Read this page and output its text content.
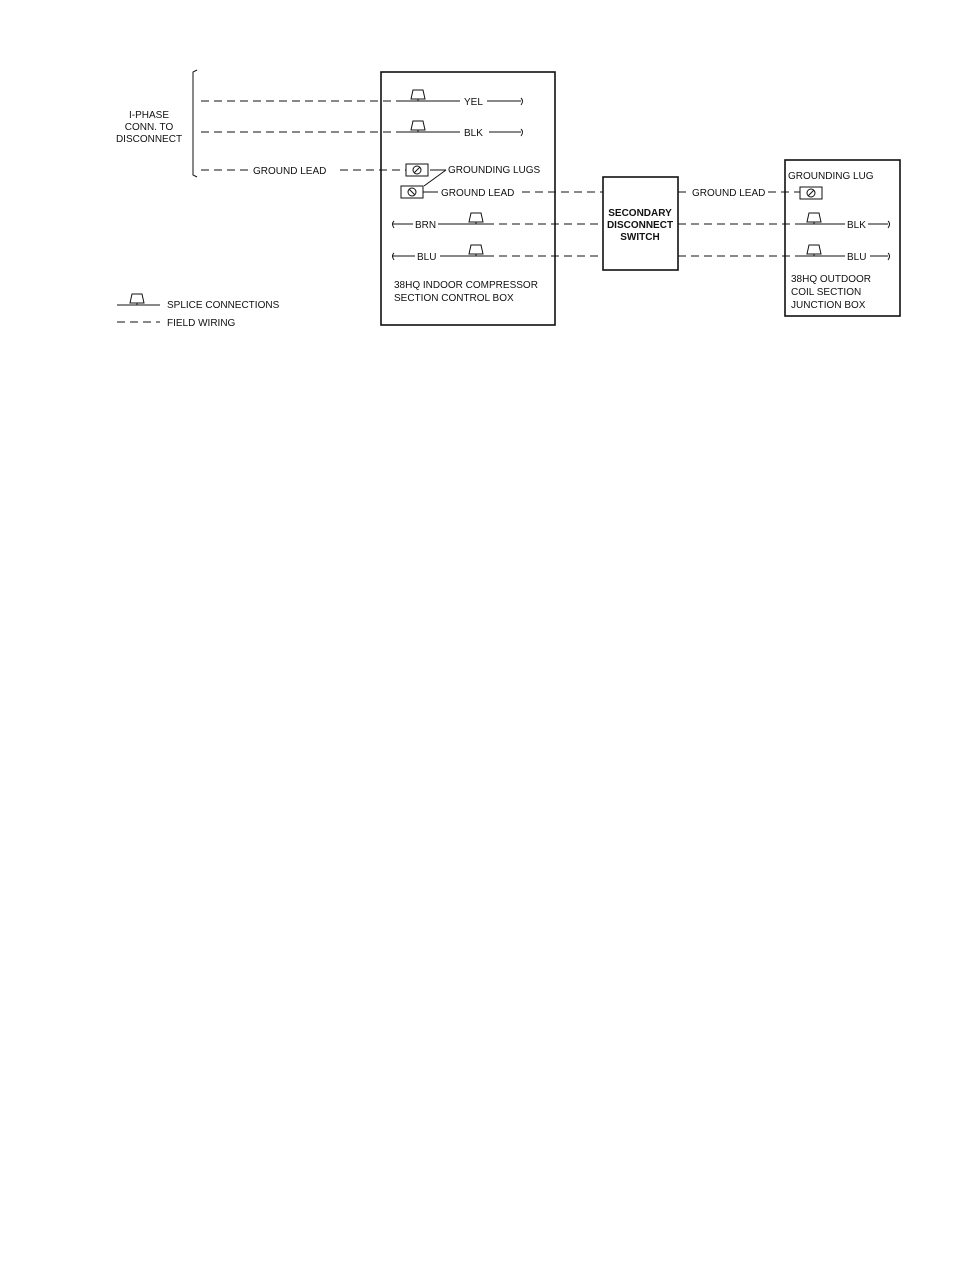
I-PHASE
CONN. TO
DISCONNECT
38HQ INDOOR COMPRESSOR
SECTION CONTROL BOX
YEL
BLK
GROUND LEAD	GROUNDING LUGS
GROUND LEAD
BRN
BLU
SECONDARY
DISCONNECT
SWITCH
GROUND LEAD
GROUNDING LUG
BLK
BLU
38HQ OUTDOOR
COIL SECTION
JUNCTION BOX
SPLICE CONNECTIONS
FIELD WIRING
